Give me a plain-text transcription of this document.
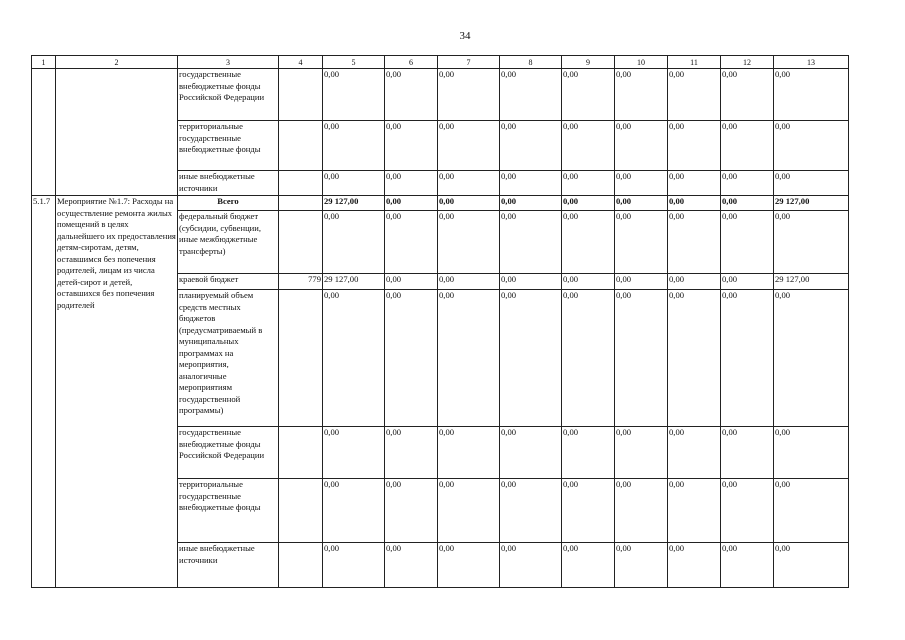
34
1	2	3	4	5	6	7	8	9	10	11	12	13
		государственные внебюджетные фонды Российской Федерации		0,00	0,00	0,00	0,00	0,00	0,00	0,00	0,00	0,00
		территориальные государственные внебюджетные фонды		0,00	0,00	0,00	0,00	0,00	0,00	0,00	0,00	0,00
		иные внебюджетные источники		0,00	0,00	0,00	0,00	0,00	0,00	0,00	0,00	0,00
5.1.7	Мероприятие №1.7: Расходы на осуществление ремонта жилых помещений в целях дальнейшего их предоставления детям-сиротам, детям, оставшимся без попечения родителей, лицам из числа детей-сирот и детей, оставшихся без попечения родителей	Всего		29 127,00	0,00	0,00	0,00	0,00	0,00	0,00	0,00	29 127,00
		федеральный бюджет (субсидии, субвенции, иные межбюджетные трансферты)		0,00	0,00	0,00	0,00	0,00	0,00	0,00	0,00	0,00
		краевой бюджет	779	29 127,00	0,00	0,00	0,00	0,00	0,00	0,00	0,00	29 127,00
		планируемый объем средств местных бюджетов (предусматриваемый в муниципальных программах на мероприятия, аналогичные мероприятиям государственной программы)		0,00	0,00	0,00	0,00	0,00	0,00	0,00	0,00	0,00
		государственные внебюджетные фонды Российской Федерации		0,00	0,00	0,00	0,00	0,00	0,00	0,00	0,00	0,00
		территориальные государственные внебюджетные фонды		0,00	0,00	0,00	0,00	0,00	0,00	0,00	0,00	0,00
		иные внебюджетные источники		0,00	0,00	0,00	0,00	0,00	0,00	0,00	0,00	0,00
